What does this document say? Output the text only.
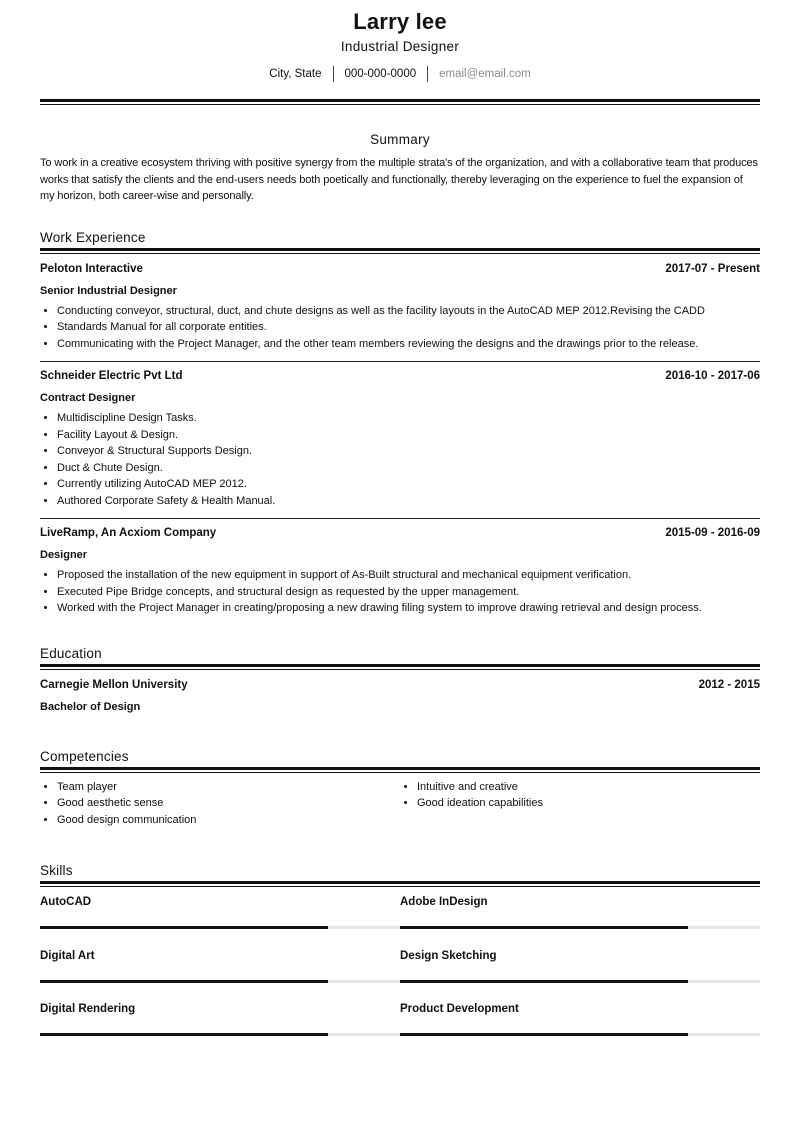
Larry lee
Industrial Designer
City, State	000-000-0000	email@email.com
Summary
To work in a creative ecosystem thriving with positive synergy from the multiple strata's of the organization, and with a collaborative team that produces works that satisfy the clients and the end-users needs both poetically and functionally, thereby leveraging on the experience to fuel the expansion of my horizon, both career-wise and personally.
Work Experience
Peloton Interactive	2017-07 - Present
Senior Industrial Designer
• Conducting conveyor, structural, duct, and chute designs as well as the facility layouts in the AutoCAD MEP 2012.Revising the CADD
• Standards Manual for all corporate entities.
• Communicating with the Project Manager, and the other team members reviewing the designs and the drawings prior to the release.
Schneider Electric Pvt Ltd	2016-10 - 2017-06
Contract Designer
• Multidiscipline Design Tasks.
• Facility Layout & Design.
• Conveyor & Structural Supports Design.
• Duct & Chute Design.
• Currently utilizing AutoCAD MEP 2012.
• Authored Corporate Safety & Health Manual.
LiveRamp, An Acxiom Company	2015-09 - 2016-09
Designer
• Proposed the installation of the new equipment in support of As-Built structural and mechanical equipment verification.
• Executed Pipe Bridge concepts, and structural design as requested by the upper management.
• Worked with the Project Manager in creating/proposing a new drawing filing system to improve drawing retrieval and design process.
Education
Carnegie Mellon University	2012 - 2015
Bachelor of Design
Competencies
• Team player
• Good aesthetic sense
• Good design communication
• Intuitive and creative
• Good ideation capabilities
Skills
AutoCAD	Adobe InDesign
Digital Art	Design Sketching
Digital Rendering	Product Development
